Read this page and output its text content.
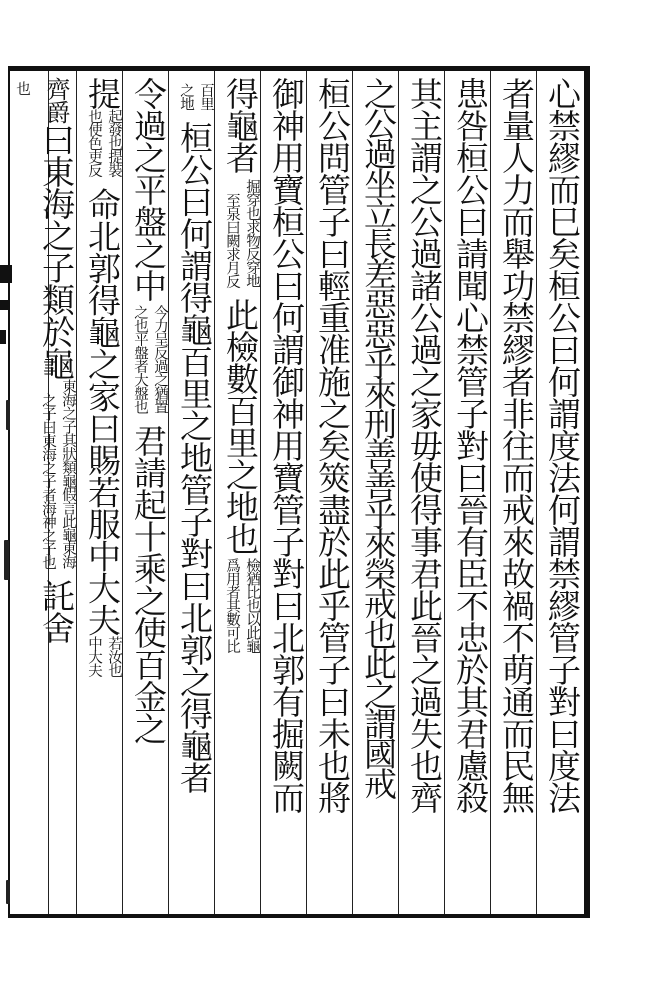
心禁繆而巳矣桓公曰何謂度法何謂禁繆管子對曰度法
者量人力而舉功禁繆者非往而戒來故禍不萌通而民無
患咎桓公曰請聞心禁管子對曰晉有臣不忠於其君慮殺
其主謂之公過諸公過之家毋使得事君此晉之過失也齊
之公過坐立長差惡惡乎來刑善善乎來榮戒也此之謂國戒
桓公問管子曰輕重准施之矣筴盡於此乎管子曰未也將
御神用寶桓公曰何謂御神用寶管子對曰北郭有掘闕而
得龜者至泉曰闕求月反 掘穿也求物反穿地此檢數百里之地也爲用者其數可比 檢猶比也以此龜
之地 百里桓公曰何謂得龜百里之地管子對曰北郭之得龜者
令過之平盤之中之也平盤者大盤也 今力呈反過之猶置君請起十乘之使百金之
提也使色吏反 起發也提裝命北郭得龜之家曰賜若服中大夫中大夫 若汝也
齊爵曰東海之子類於龜之子曰東海之子者海神之子也 東海之子其狀類龜假言此龜東海託舍
也
